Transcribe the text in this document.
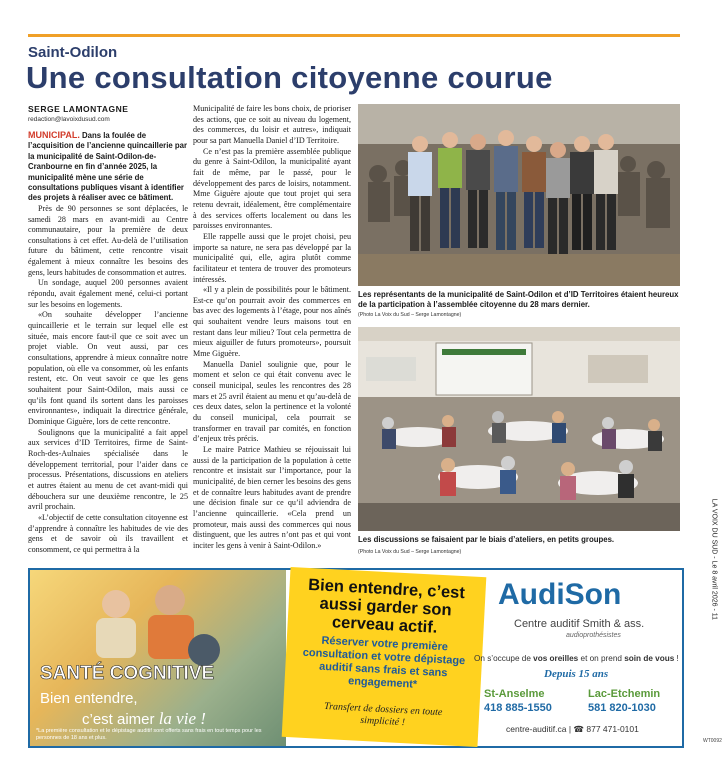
Saint-Odilon
Une consultation citoyenne courue
SERGE LAMONTAGNE
redaction@lavoixdusud.com

MUNICIPAL. Dans la foulée de l’acquisition de l’ancienne quincaillerie par la municipalité de Saint-Odilon-de-Cranbourne en fin d’année 2025, la municipalité mène une série de consultations publiques visant à identifier des projets à réaliser avec ce bâtiment.

Près de 90 personnes se sont déplacées, le samedi 28 mars en avant-midi au Centre communautaire, pour la première de deux consultations à cet effet. Au-delà de l’utilisation future du bâtiment, cette rencontre visait également à mieux connaître les besoins des gens, leurs habitudes de consommation et autres.

Un sondage, auquel 200 personnes avaient répondu, avait également mené, celui-ci portant sur les besoins en logements.

«On souhaite développer l’ancienne quincaillerie et le terrain sur lequel elle est située, mais encore faut-il que ce soit avec un projet viable. On veut aussi, par ces consultations, apprendre à mieux connaître notre population, où elle va consommer, où les enfants restent, etc. On veut savoir ce que les gens souhaitent pour Saint-Odilon, mais aussi ce qu’ils font quand ils sortent dans les paroisses environnantes», indiquait la directrice générale, Dominique Giguère, lors de cette rencontre.

Soulignons que la municipalité a fait appel aux services d’ID Territoires, firme de Saint-Roch-des-Aulnaies spécialisée dans le développement territorial, pour l’aider dans ce processus. Présentations, discussions en ateliers et autres étaient au menu de cet avant-midi qui débouchera sur une deuxième rencontre, le 25 avril prochain.

«L’objectif de cette consultation citoyenne est d’apprendre à connaître les habitudes de vie des gens et de savoir où ils travaillent et consomment, ce qui permettra à la

Municipalité de faire les bons choix, de prioriser des actions, que ce soit au niveau du logement, des commerces, du loisir et autres», indiquait pour sa part Manuella Daniel d’ID Territoire.

Ce n’est pas la première assemblée publique du genre à Saint-Odilon, la municipalité ayant fait de même, par le passé, pour le développement des parcs de loisirs, notamment. Mme Giguère ajoute que tout projet qui sera retenu devrait, idéalement, être complémentaire à des services offerts localement ou dans les paroisses environnantes.

Elle rappelle aussi que le projet choisi, peu importe sa nature, ne sera pas développé par la municipalité qui, elle, agira plutôt comme facilitateur et tentera de trouver des promoteurs intéressés.

«Il y a plein de possibilités pour le bâtiment. Est-ce qu’on pourrait avoir des commerces en bas avec des logements à l’étage, pour nos aînés qui souhaitent vendre leurs maisons tout en restant dans leur milieu? Tout cela permettra de mieux aiguiller de futurs promoteurs», poursuit Mme Giguère.

Manuella Daniel soulignie que, pour le moment et selon ce qui était convenu avec le conseil municipal, seules les rencontres des 28 mars et 25 avril étaient au menu et qu’au-delà de ces deux dates, selon la pertinence et la volonté du conseil municipal, cela pourrait se transformer en travail par comités, en fonction d’enjeux très précis.

Le maire Patrice Mathieu se réjouissait lui aussi de la participation de la population à cette rencontre et insistait sur l’importance, pour la municipalité, de bien cerner les besoins des gens et de connaître leurs habitudes avant de prendre une décision finale sur ce qu’il adviendra de l’ancienne quincaillerie. «Cela prend un promoteur, mais aussi des commerces qui nous distinguent, que les autres n’ont pas et qui vont inciter les gens à venir à Saint-Odilon.»

Les représentants de la municipalité de Saint-Odilon et d’ID Territoires étaient heureux de la participation à l’assemblée citoyenne du 28 mars dernier.
(Photo La Voix du Sud – Serge Lamontagne)
Les discussions se faisaient par le biais d’ateliers, en petits groupes.
(Photo La Voix du Sud – Serge Lamontagne)
SANTÉ COGNITIVE
Bien entendre,
c’est aimer la vie !
*La première consultation et le dépistage auditif sont offerts sans frais en tout temps pour les personnes de 18 ans et plus.
Bien entendre, c’est aussi garder son cerveau actif.
Réserver votre première consultation et votre dépistage auditif sans frais et sans engagement*
Transfert de dossiers en toute simplicité !
AudiSon
Centre auditif Smith & ass.
audioprothésistes
On s’occupe de vos oreilles et on prend soin de vous !
Depuis 15 ans
St-Anselme
418 885-1550
Lac-Etchemin
581 820-1030
centre-auditif.ca | ☎ 877 471-0101
WT0092
LA VOIX DU SUD - Le 8 avril 2026 - 11
